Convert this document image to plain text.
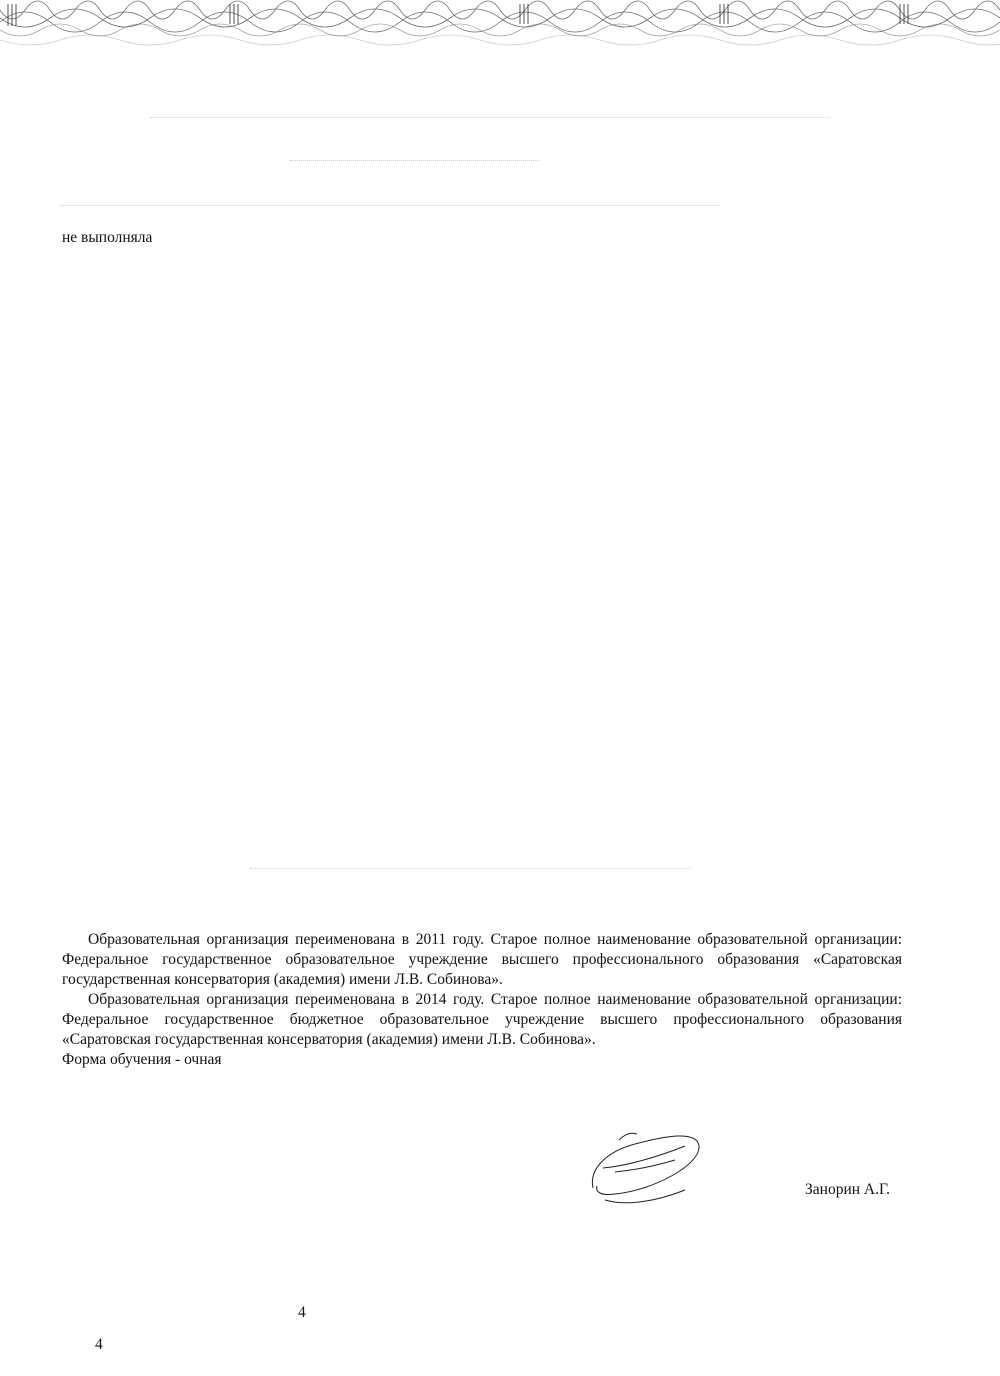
не выполняла

Образовательная организация переименована в 2011 году. Старое полное наименование образовательной организации: Федеральное государственное образовательное учреждение высшего профессионального образования «Саратовская государственная консерватория (академия) имени Л.В. Собинова».

Образовательная организация переименована в 2014 году. Старое полное наименование образовательной организации: Федеральное государственное бюджетное образовательное учреждение высшего профессионального образования «Саратовская государственная консерватория (академия) имени Л.В. Собинова».

Форма обучения - очная

Занорин А.Г.
4
4
